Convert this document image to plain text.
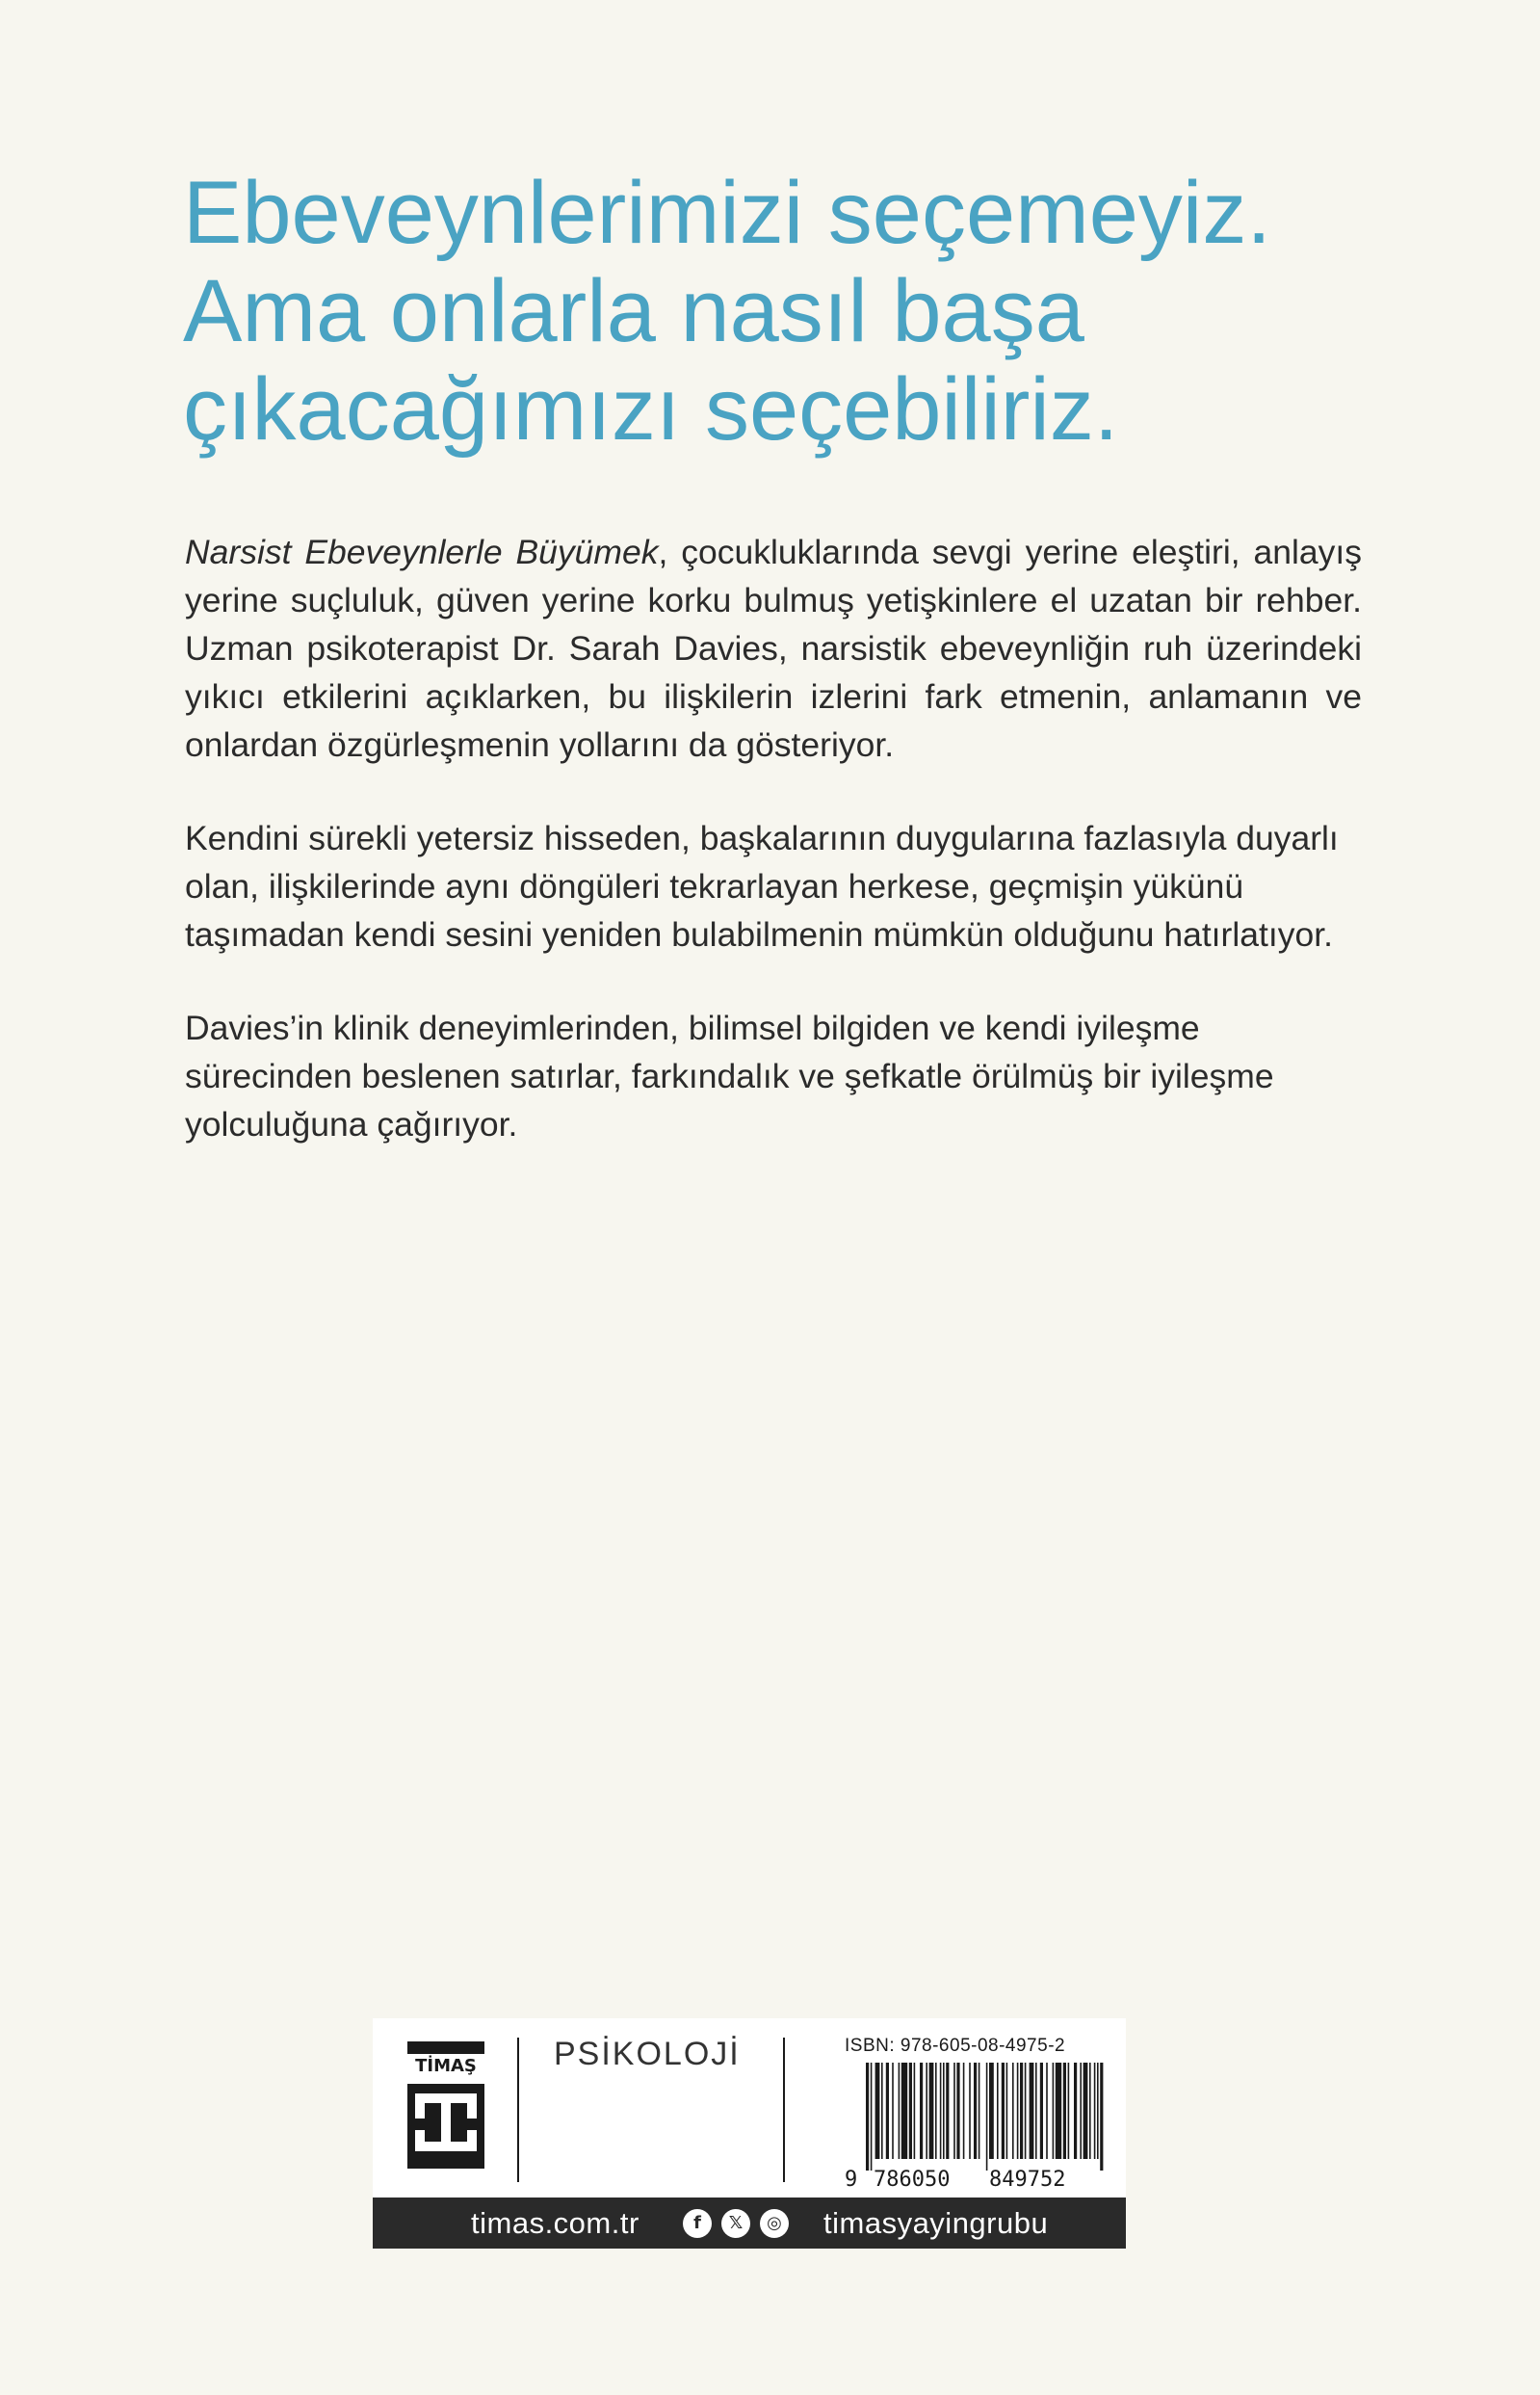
Ebeveynlerimizi seçemeyiz.
Ama onlarla nasıl başa
çıkacağımızı seçebiliriz.

Narsist Ebeveynlerle Büyümek, çocukluklarında sevgi yerine eleştiri, anlayış yerine suçluluk, güven yerine korku bulmuş yetişkinlere el uzatan bir rehber. Uzman psikoterapist Dr. Sarah Davies, narsistik ebeveynliğin ruh üzerindeki yıkıcı etkilerini açıklarken, bu ilişkilerin izlerini fark etmenin, anlamanın ve onlardan özgürleşmenin yollarını da gösteriyor.

Kendini sürekli yetersiz hisseden, başkalarının duygularına fazlasıyla duyarlı olan, ilişkilerinde aynı döngüleri tekrarlayan herkese, geçmişin yükünü taşımadan kendi sesini yeniden bulabilmenin mümkün olduğunu hatırlatıyor.

Davies’in klinik deneyimlerinden, bilimsel bilgiden ve kendi iyileşme sürecinden beslenen satırlar, farkındalık ve şefkatle örülmüş bir iyileşme yolculuğuna çağırıyor.

TİMAŞ PSİKOLOJİ	ISBN: 978-605-08-4975-2
9 786050 849752
timas.com.tr	f 𝕏 ◎	timasyayingrubu
